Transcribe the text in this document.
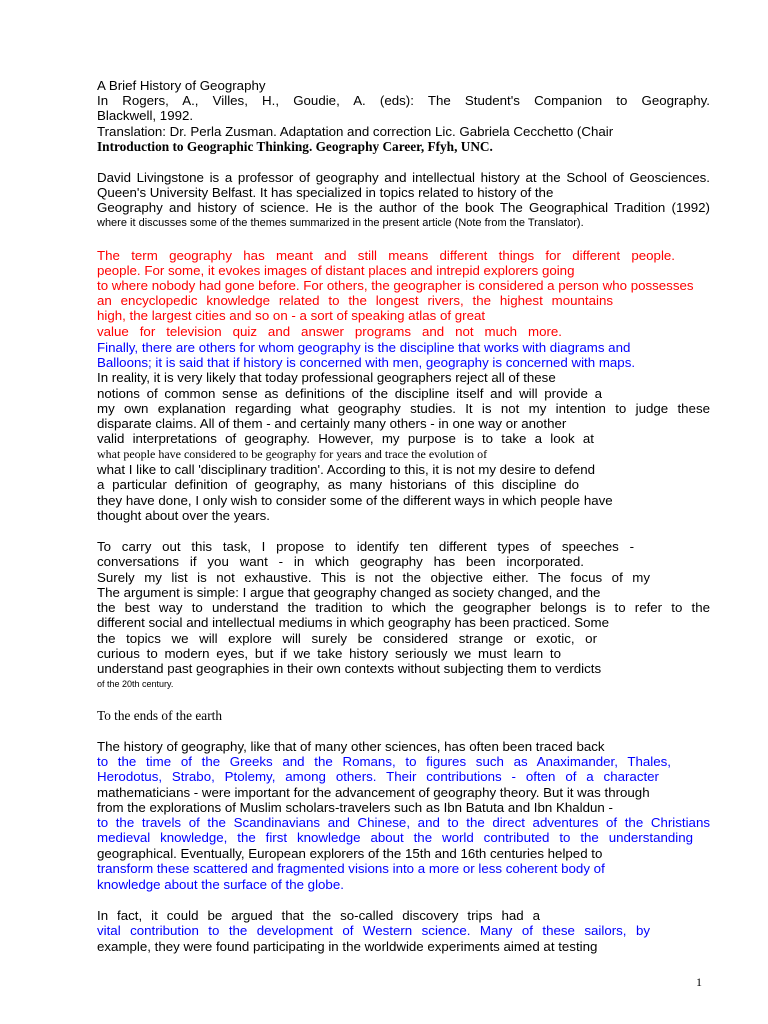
A Brief History of Geography
In Rogers, A., Villes, H., Goudie, A. (eds): The Student's Companion to Geography.
Blackwell, 1992.
Translation: Dr. Perla Zusman. Adaptation and correction Lic. Gabriela Cecchetto (Chair
Introduction to Geographic Thinking. Geography Career, Ffyh, UNC.
David Livingstone is a professor of geography and intellectual history at the School of Geosciences.
Queen's University Belfast. It has specialized in topics related to history of the
Geography and history of science. He is the author of the book The Geographical Tradition (1992)
where it discusses some of the themes summarized in the present article (Note from the Translator).
The term geography has meant and still means different things for different people.
people. For some, it evokes images of distant places and intrepid explorers going
to where nobody had gone before. For others, the geographer is considered a person who possesses
an encyclopedic knowledge related to the longest rivers, the highest mountains
high, the largest cities and so on - a sort of speaking atlas of great
value for television quiz and answer programs and not much more.
Finally, there are others for whom geography is the discipline that works with diagrams and
Balloons; it is said that if history is concerned with men, geography is concerned with maps.
In reality, it is very likely that today professional geographers reject all of these
notions of common sense as definitions of the discipline itself and will provide a
my own explanation regarding what geography studies. It is not my intention to judge these
disparate claims. All of them - and certainly many others - in one way or another
valid interpretations of geography. However, my purpose is to take a look at
what people have considered to be geography for years and trace the evolution of
what I like to call 'disciplinary tradition'. According to this, it is not my desire to defend
a particular definition of geography, as many historians of this discipline do
they have done, I only wish to consider some of the different ways in which people have
thought about over the years.
To carry out this task, I propose to identify ten different types of speeches -
conversations if you want - in which geography has been incorporated.
Surely my list is not exhaustive. This is not the objective either. The focus of my
The argument is simple: I argue that geography changed as society changed, and the
the best way to understand the tradition to which the geographer belongs is to refer to the
different social and intellectual mediums in which geography has been practiced. Some
the topics we will explore will surely be considered strange or exotic, or
curious to modern eyes, but if we take history seriously we must learn to
understand past geographies in their own contexts without subjecting them to verdicts
of the 20th century.
To the ends of the earth
The history of geography, like that of many other sciences, has often been traced back
to the time of the Greeks and the Romans, to figures such as Anaximander, Thales,
Herodotus, Strabo, Ptolemy, among others. Their contributions - often of a character
mathematicians - were important for the advancement of geography theory. But it was through
from the explorations of Muslim scholars-travelers such as Ibn Batuta and Ibn Khaldun -
to the travels of the Scandinavians and Chinese, and to the direct adventures of the Christians
medieval knowledge, the first knowledge about the world contributed to the understanding
geographical. Eventually, European explorers of the 15th and 16th centuries helped to
transform these scattered and fragmented visions into a more or less coherent body of
knowledge about the surface of the globe.
In fact, it could be argued that the so-called discovery trips had a
vital contribution to the development of Western science. Many of these sailors, by
example, they were found participating in the worldwide experiments aimed at testing
1
